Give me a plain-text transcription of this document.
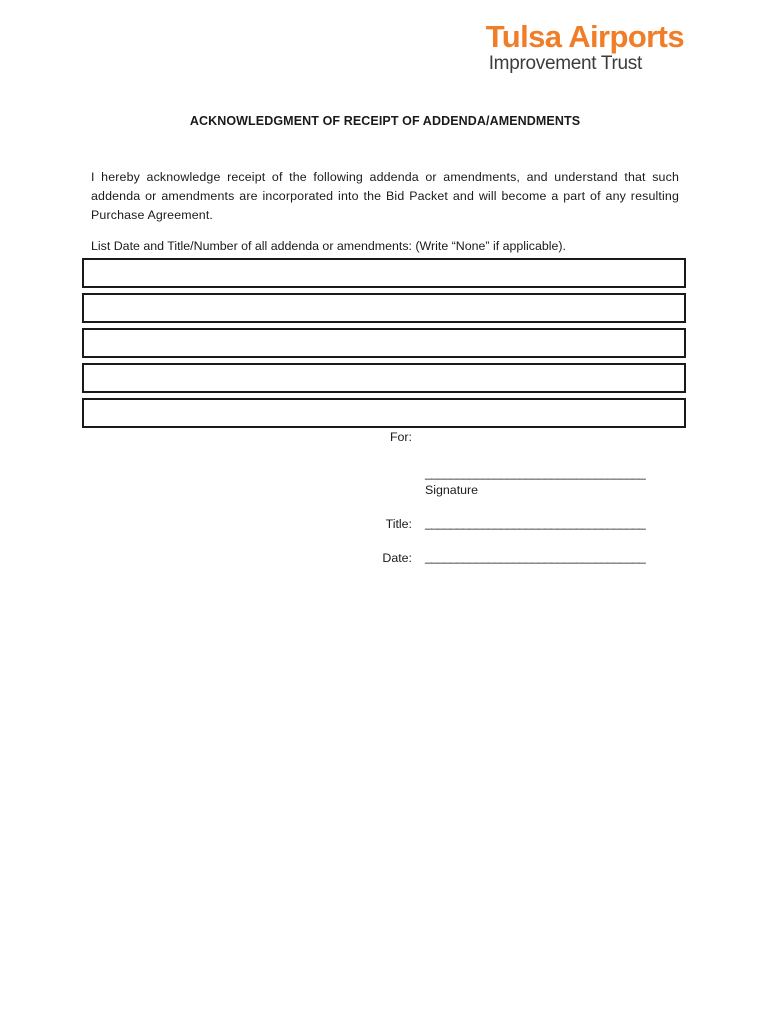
Tulsa Airports
Improvement Trust
ACKNOWLEDGMENT OF RECEIPT OF ADDENDA/AMENDMENTS

I hereby acknowledge receipt of the following addenda or amendments, and understand that such addenda or amendments are incorporated into the Bid Packet and will become a part of any resulting Purchase Agreement.

List Date and Title/Number of all addenda or amendments: (Write “None” if applicable).

For:
___________________________________
Signature
Title: ___________________________________
Date: ___________________________________
